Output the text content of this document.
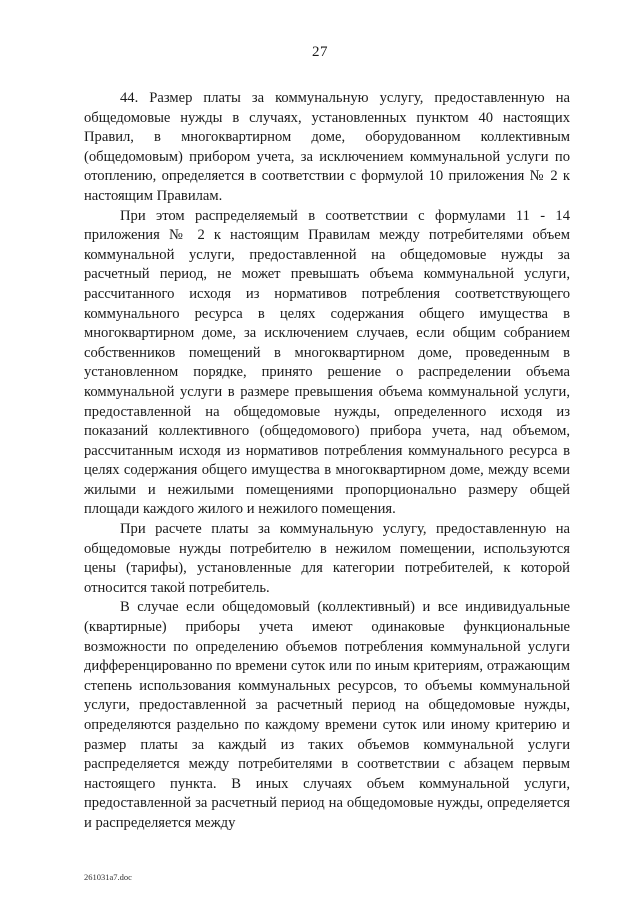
27

44. Размер платы за коммунальную услугу, предоставленную на общедомовые нужды в случаях, установленных пунктом 40 настоящих Правил, в многоквартирном доме, оборудованном коллективным (общедомовым) прибором учета, за исключением коммунальной услуги по отоплению, определяется в соответствии с формулой 10 приложения № 2 к настоящим Правилам.

При этом распределяемый в соответствии с формулами 11 - 14 приложения № 2 к настоящим Правилам между потребителями объем коммунальной услуги, предоставленной на общедомовые нужды за расчетный период, не может превышать объема коммунальной услуги, рассчитанного исходя из нормативов потребления соответствующего коммунального ресурса в целях содержания общего имущества в многоквартирном доме, за исключением случаев, если общим собранием собственников помещений в многоквартирном доме, проведенным в установленном порядке, принято решение о распределении объема коммунальной услуги в размере превышения объема коммунальной услуги, предоставленной на общедомовые нужды, определенного исходя из показаний коллективного (общедомового) прибора учета, над объемом, рассчитанным исходя из нормативов потребления коммунального ресурса в целях содержания общего имущества в многоквартирном доме, между всеми жилыми и нежилыми помещениями пропорционально размеру общей площади каждого жилого и нежилого помещения.

При расчете платы за коммунальную услугу, предоставленную на общедомовые нужды потребителю в нежилом помещении, используются цены (тарифы), установленные для категории потребителей, к которой относится такой потребитель.

В случае если общедомовый (коллективный) и все индивидуальные (квартирные) приборы учета имеют одинаковые функциональные возможности по определению объемов потребления коммунальной услуги дифференцированно по времени суток или по иным критериям, отражающим степень использования коммунальных ресурсов, то объемы коммунальной услуги, предоставленной за расчетный период на общедомовые нужды, определяются раздельно по каждому времени суток или иному критерию и размер платы за каждый из таких объемов коммунальной услуги распределяется между потребителями в соответствии с абзацем первым настоящего пункта. В иных случаях объем коммунальной услуги, предоставленной за расчетный период на общедомовые нужды, определяется и распределяется между

261031a7.doc
